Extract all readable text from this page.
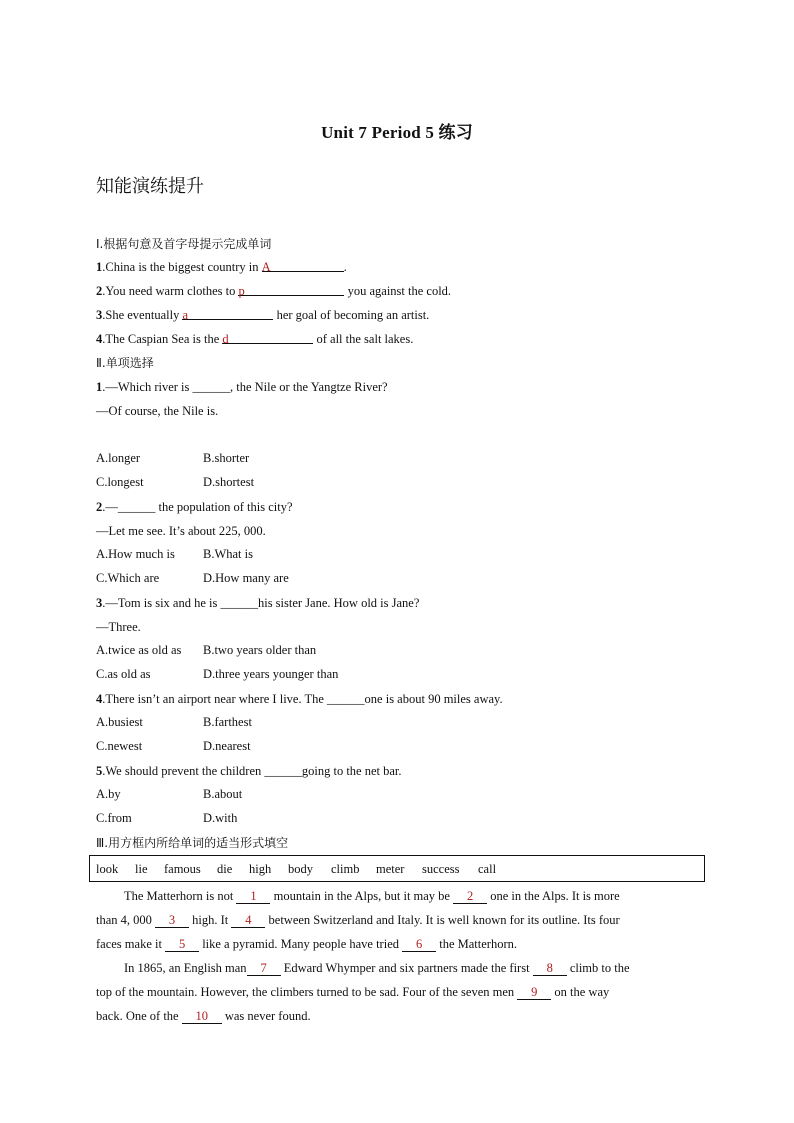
Unit 7 Period 5 练习
知能演练提升
Ⅰ.根据句意及首字母提示完成单词
1.China is the biggest country in A	.
2.You need warm clothes to p	you against the cold.
3.She eventually a	her goal of becoming an artist.
4.The Caspian Sea is the d	of all the salt lakes.
Ⅱ.单项选择
1.—Which river is ______, the Nile or the Yangtze River?
—Of course, the Nile is.
A.longer	B.shorter
C.longest	D.shortest
2.—______ the population of this city?
—Let me see. It’s about 225, 000.
A.How much is B.What is
C.Which are	D.How many are
3.—Tom is six and he is ______his sister Jane. How old is Jane?
—Three.
A.twice as old as B.two years older than
C.as old as	D.three years younger than
4.There isn’t an airport near where I live. The ______one is about 90 miles away.
A.busiest	B.farthest
C.newest	D.nearest
5.We should prevent the children ______going to the net bar.
A.by	B.about
C.from	D.with
Ⅲ.用方框内所给单词的适当形式填空
look lie famous die high body climb meter success call
The Matterhorn is not 1 mountain in the Alps, but it may be 2 one in the Alps. It is more
than 4, 000 3 high. It 4 between Switzerland and Italy. It is well known for its outline. Its four
faces make it 5 like a pyramid. Many people have tried 6 the Matterhorn.
In 1865, an English man 7 Edward Whymper and six partners made the first 8 climb to the
top of the mountain. However, the climbers turned to be sad. Four of the seven men 9 on the way
back. One of the 10 was never found.
